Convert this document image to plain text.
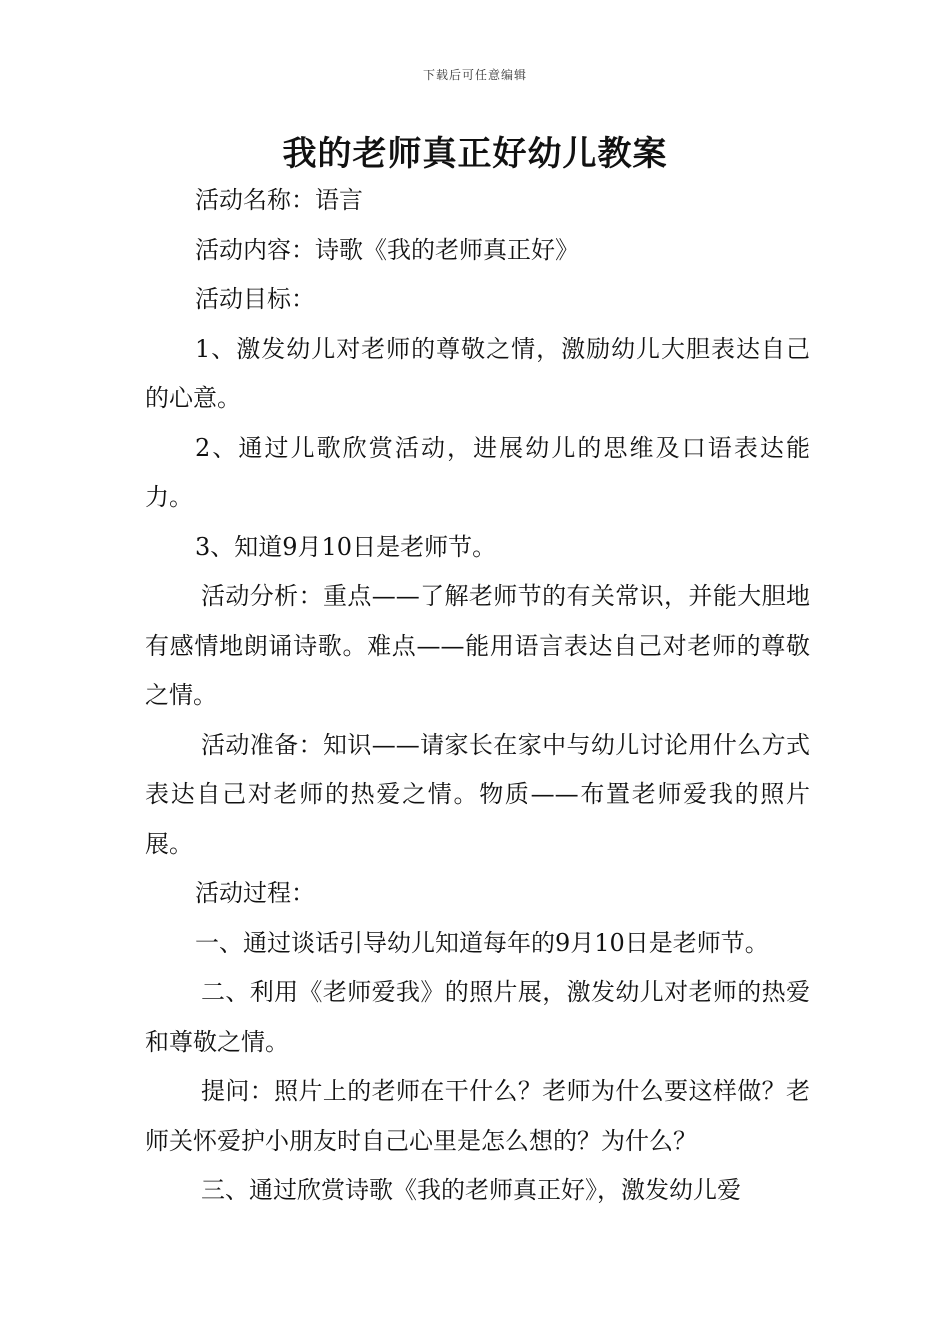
下载后可任意编辑
我的老师真正好幼儿教案

活动名称：语言

活动内容：诗歌《我的老师真正好》

活动目标：

1、激发幼儿对老师的尊敬之情，激励幼儿大胆表达自己的心意。

2、通过儿歌欣赏活动，进展幼儿的思维及口语表达能力。

3、知道9月10日是老师节。

活动分析：重点——了解老师节的有关常识，并能大胆地有感情地朗诵诗歌。难点——能用语言表达自己对老师的尊敬之情。

活动准备：知识——请家长在家中与幼儿讨论用什么方式表达自己对老师的热爱之情。物质——布置老师爱我的照片展。

活动过程：

一、通过谈话引导幼儿知道每年的9月10日是老师节。

二、利用《老师爱我》的照片展，激发幼儿对老师的热爱和尊敬之情。

提问：照片上的老师在干什么？老师为什么要这样做？老师关怀爱护小朋友时自己心里是怎么想的？为什么？

三、通过欣赏诗歌《我的老师真正好》，激发幼儿爱
